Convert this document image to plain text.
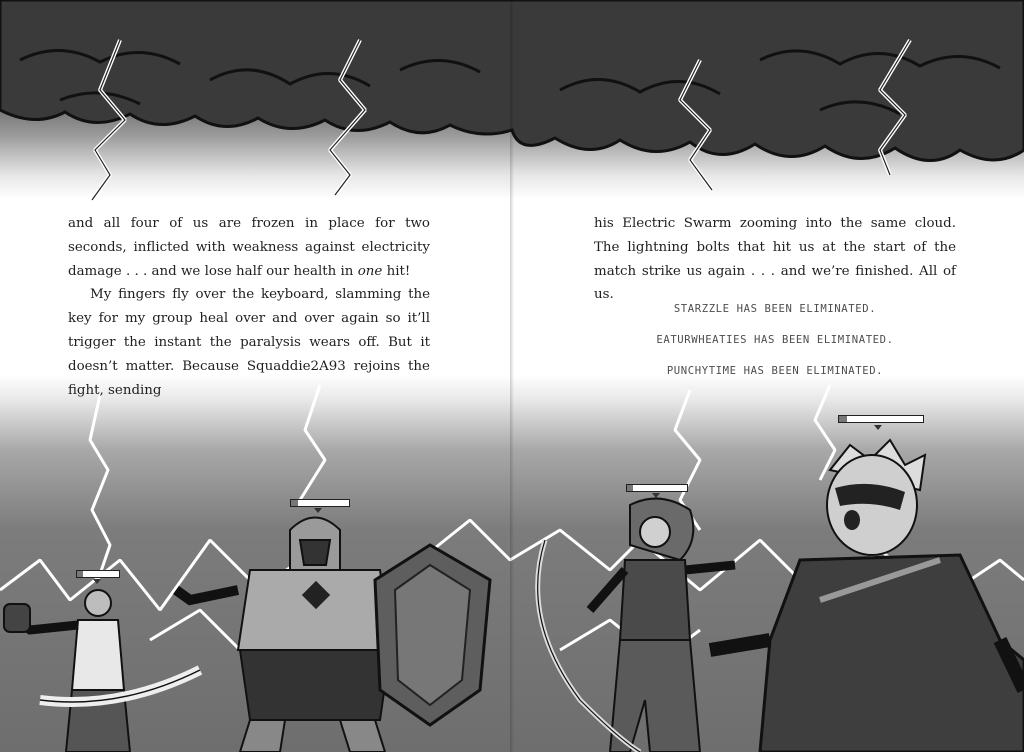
and all four of us are frozen in place for two seconds, inflicted with weakness against electricity damage . . . and we lose half our health in one hit!

My fingers fly over the keyboard, slamming the key for my group heal over and over again so it’ll trigger the instant the paralysis wears off. But it doesn’t matter. Because Squaddie2A93 rejoins the fight, sending

his Electric Swarm zooming into the same cloud. The lightning bolts that hit us at the start of the match strike us again . . . and we’re finished. All of us.

STARZZLE HAS BEEN ELIMINATED.
EATURWHEATIES HAS BEEN ELIMINATED.
PUNCHYTIME HAS BEEN ELIMINATED.
